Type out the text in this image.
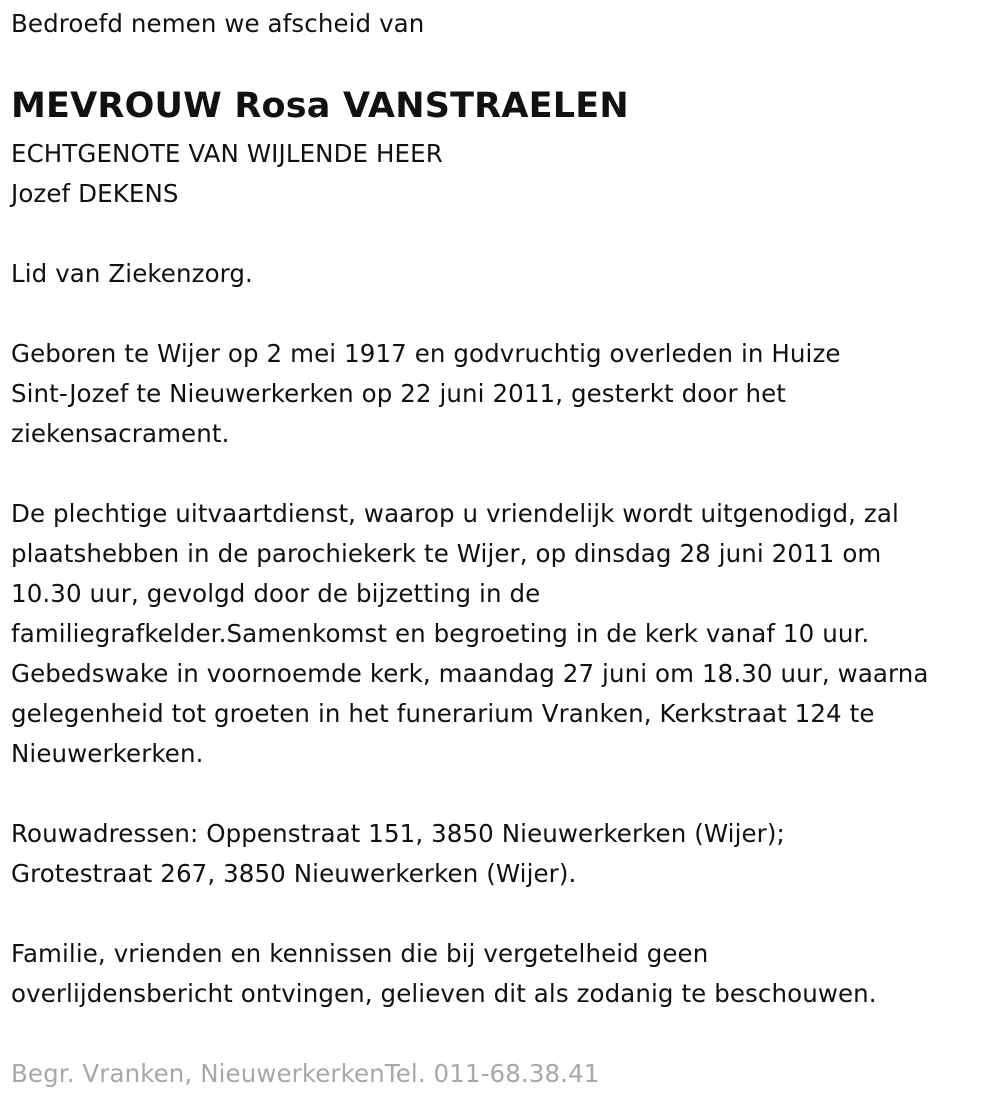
Bedroefd nemen we afscheid van
MEVROUW Rosa VANSTRAELEN
ECHTGENOTE VAN WIJLENDE HEER
Jozef DEKENS
Lid van Ziekenzorg.
Geboren te Wijer op 2 mei 1917 en godvruchtig overleden in Huize
Sint-Jozef te Nieuwerkerken op 22 juni 2011, gesterkt door het
ziekensacrament.
De plechtige uitvaartdienst, waarop u vriendelijk wordt uitgenodigd, zal
plaatshebben in de parochiekerk te Wijer, op dinsdag 28 juni 2011 om
10.30 uur, gevolgd door de bijzetting in de
familiegrafkelder.Samenkomst en begroeting in de kerk vanaf 10 uur.
Gebedswake in voornoemde kerk, maandag 27 juni om 18.30 uur, waarna
gelegenheid tot groeten in het funerarium Vranken, Kerkstraat 124 te
Nieuwerkerken.
Rouwadressen: Oppenstraat 151, 3850 Nieuwerkerken (Wijer);
Grotestraat 267, 3850 Nieuwerkerken (Wijer).
Familie, vrienden en kennissen die bij vergetelheid geen
overlijdensbericht ontvingen, gelieven dit als zodanig te beschouwen.
Begr. Vranken, NieuwerkerkenTel. 011-68.38.41
